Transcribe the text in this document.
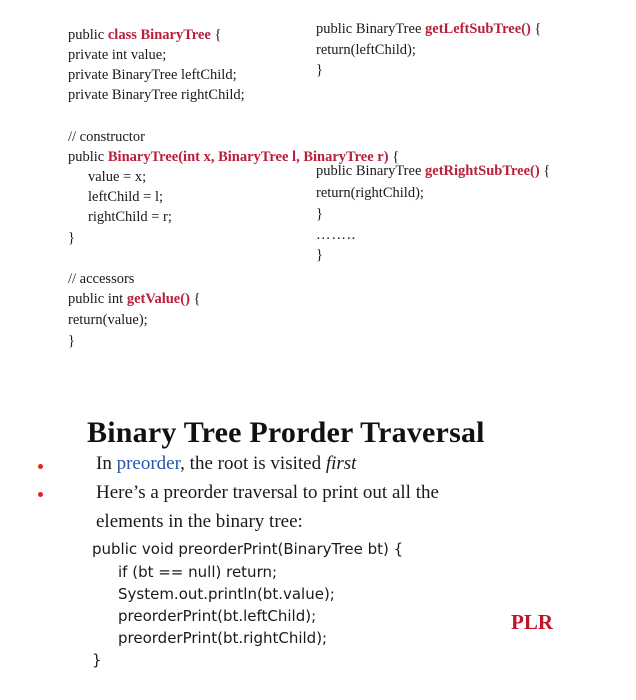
public class BinaryTree {
private int value;
private BinaryTree leftChild;
private BinaryTree rightChild;
// constructor
public BinaryTree(int x, BinaryTree l, BinaryTree r) {
value = x;
leftChild = l;
rightChild = r;
}
// accessors
public int getValue() {
return(value);
}
public BinaryTree getLeftSubTree() {
return(leftChild);
}
public BinaryTree getRightSubTree() {
return(rightChild);
}
……..
}
Binary Tree Prorder Traversal
In preorder, the root is visited first
Here’s a preorder traversal to print out all the
elements in the binary tree:
public void preorderPrint(BinaryTree bt) {
if (bt == null) return;
System.out.println(bt.value);
preorderPrint(bt.leftChild);
preorderPrint(bt.rightChild);
}
PLR
